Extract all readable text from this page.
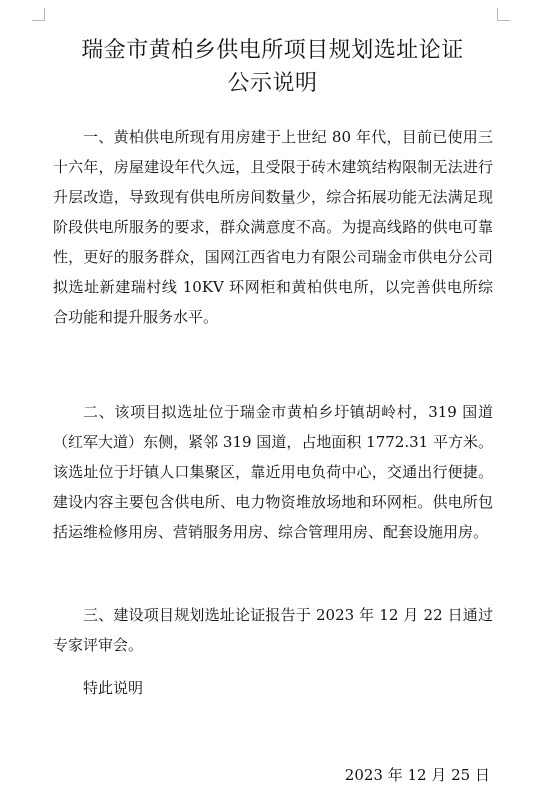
瑞金市黄柏乡供电所项目规划选址论证
公示说明

一、黄柏供电所现有用房建于上世纪 80 年代，目前已使用三十六年，房屋建设年代久远，且受限于砖木建筑结构限制无法进行升层改造，导致现有供电所房间数量少，综合拓展功能无法满足现阶段供电所服务的要求，群众满意度不高。为提高线路的供电可靠性，更好的服务群众，国网江西省电力有限公司瑞金市供电分公司拟选址新建瑞村线 10KV 环网柜和黄柏供电所，以完善供电所综合功能和提升服务水平。

二、该项目拟选址位于瑞金市黄柏乡圩镇胡岭村，319 国道（红军大道）东侧，紧邻 319 国道，占地面积 1772.31 平方米。该选址位于圩镇人口集聚区，靠近用电负荷中心，交通出行便捷。建设内容主要包含供电所、电力物资堆放场地和环网柜。供电所包括运维检修用房、营销服务用房、综合管理用房、配套设施用房。

三、建设项目规划选址论证报告于 2023 年 12 月 22 日通过专家评审会。

特此说明

2023 年 12 月 25 日
